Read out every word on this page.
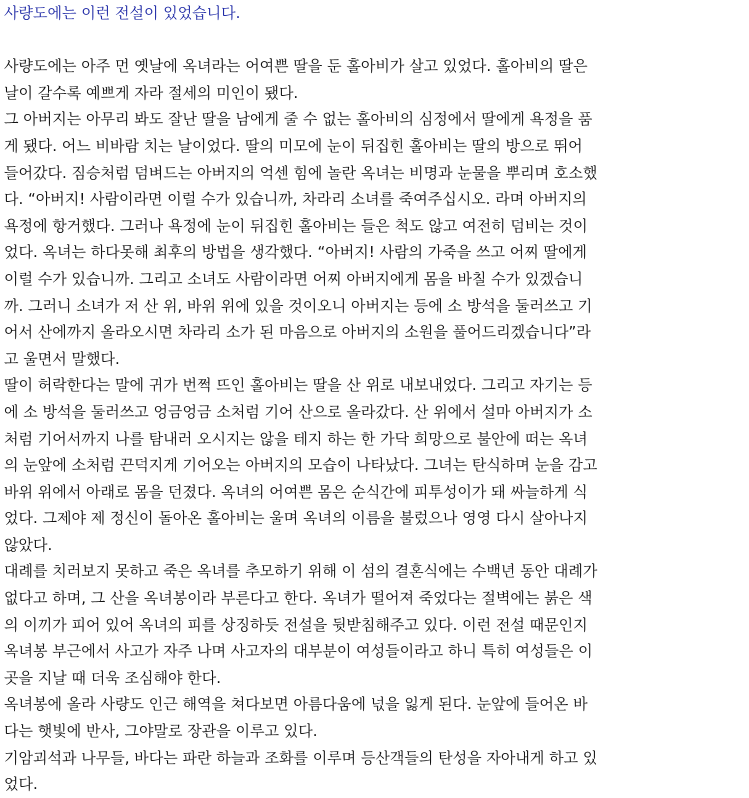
사량도에는 이런 전설이 있었습니다.
사량도에는 아주 먼 옛날에 옥녀라는 어여쁜 딸을 둔 홀아비가 살고 있었다. 홀아비의 딸은
날이 갈수록 예쁘게 자라 절세의 미인이 됐다.
그 아버지는 아무리 봐도 잘난 딸을 남에게 줄 수 없는 홀아비의 심정에서 딸에게 욕정을 품
게 됐다. 어느 비바람 치는 날이었다. 딸의 미모에 눈이 뒤집힌 홀아비는 딸의 방으로 뛰어
들어갔다. 짐승처럼 덤벼드는 아버지의 억센 힘에 놀란 옥녀는 비명과 눈물을 뿌리며 호소했
다. “아버지! 사람이라면 이럴 수가 있습니까, 차라리 소녀를 죽여주십시오. 라며 아버지의
욕정에 항거했다. 그러나 욕정에 눈이 뒤집힌 홀아비는 들은 척도 않고 여전히 덤비는 것이
었다. 옥녀는 하다못해 최후의 방법을 생각했다. “아버지! 사람의 가죽을 쓰고 어찌 딸에게
이럴 수가 있습니까. 그리고 소녀도 사람이라면 어찌 아버지에게 몸을 바칠 수가 있겠습니
까. 그러니 소녀가 저 산 위, 바위 위에 있을 것이오니 아버지는 등에 소 방석을 둘러쓰고 기
어서 산에까지 올라오시면 차라리 소가 된 마음으로 아버지의 소원을 풀어드리겠습니다”라
고 울면서 말했다.
딸이 허락한다는 말에 귀가 번쩍 뜨인 홀아비는 딸을 산 위로 내보내었다. 그리고 자기는 등
에 소 방석을 둘러쓰고 엉금엉금 소처럼 기어 산으로 올라갔다. 산 위에서 설마 아버지가 소
처럼 기어서까지 나를 탐내러 오시지는 않을 테지 하는 한 가닥 희망으로 불안에 떠는 옥녀
의 눈앞에 소처럼 끈덕지게 기어오는 아버지의 모습이 나타났다. 그녀는 탄식하며 눈을 감고
바위 위에서 아래로 몸을 던졌다. 옥녀의 어여쁜 몸은 순식간에 피투성이가 돼 싸늘하게 식
었다. 그제야 제 정신이 돌아온 홀아비는 울며 옥녀의 이름을 불렀으나 영영 다시 살아나지
않았다.
대례를 치러보지 못하고 죽은 옥녀를 추모하기 위해 이 섬의 결혼식에는 수백년 동안 대례가
없다고 하며, 그 산을 옥녀봉이라 부른다고 한다. 옥녀가 떨어져 죽었다는 절벽에는 붉은 색
의 이끼가 피어 있어 옥녀의 피를 상징하듯 전설을 뒷받침해주고 있다. 이런 전설 때문인지
옥녀봉 부근에서 사고가 자주 나며 사고자의 대부분이 여성들이라고 하니 특히 여성들은 이
곳을 지날 때 더욱 조심해야 한다.
옥녀봉에 올라 사량도 인근 해역을 쳐다보면 아름다움에 넋을 잃게 된다. 눈앞에 들어온 바
다는 햇빛에 반사, 그야말로 장관을 이루고 있다.
기암괴석과 나무들, 바다는 파란 하늘과 조화를 이루며 등산객들의 탄성을 자아내게 하고 있
었다.
